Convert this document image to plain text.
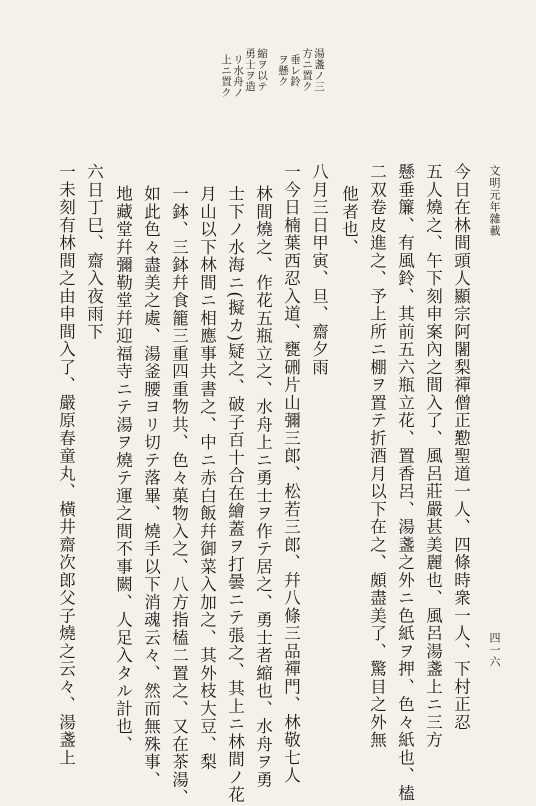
文明元年雜載
四一六
湯盞ノ三
方ニ置ク
垂レ鈴
ヲ懸ク
縮ヲ以テ
勇士ヲ造
リ水舟ノ
上ニ置ク
今日在林間頭人顯宗阿闍梨禪僧正懃聖道一人、四條時衆一人、下村正忍
五人燒之、午下刻申案內之間入了、風呂莊嚴甚美麗也、風呂湯盞上ニ三方
懸垂簾、有風鈴、其前五六瓶立花、置香呂、湯盞之外ニ色紙ヲ押、色々紙也、榼
二双卷皮進之、予上所ニ棚ヲ置テ折酒月以下在之、頗盡美了、驚目之外無
他者也、
八月三日甲寅、旦、齋夕雨
一今日楠葉西忍入道、甕硎片山彌三郎、松若三郎、幷八條三品禪門、林敬七人
林間燒之、作花五瓶立之、水舟上ニ勇士ヲ作テ居之、勇士者縮也、水舟ヲ勇
士下ノ水海ニ(擬カ)疑之、破子百十合在繪蓋ヲ打曇ニテ張之、其上ニ林間ノ花
月山以下林間ニ相應事共書之、中ニ赤白飯幷御菜入加之、其外枝大豆、梨
一鉢、三鉢幷食籠三重四重物共、色々菓物入之、八方指榼二置之、又在茶湯、
如此色々盡美之處、湯釜腰ヨリ切テ落畢、燒手以下消魂云々、然而無殊事、
地藏堂幷彌勒堂幷迎福寺ニテ湯ヲ燒テ運之間不事闕、人足入タル計也、
六日丁巳、齋入夜雨下
一未刻有林間之由申間入了、嚴原春童丸、橫井齋次郎父子燒之云々、湯盞上
